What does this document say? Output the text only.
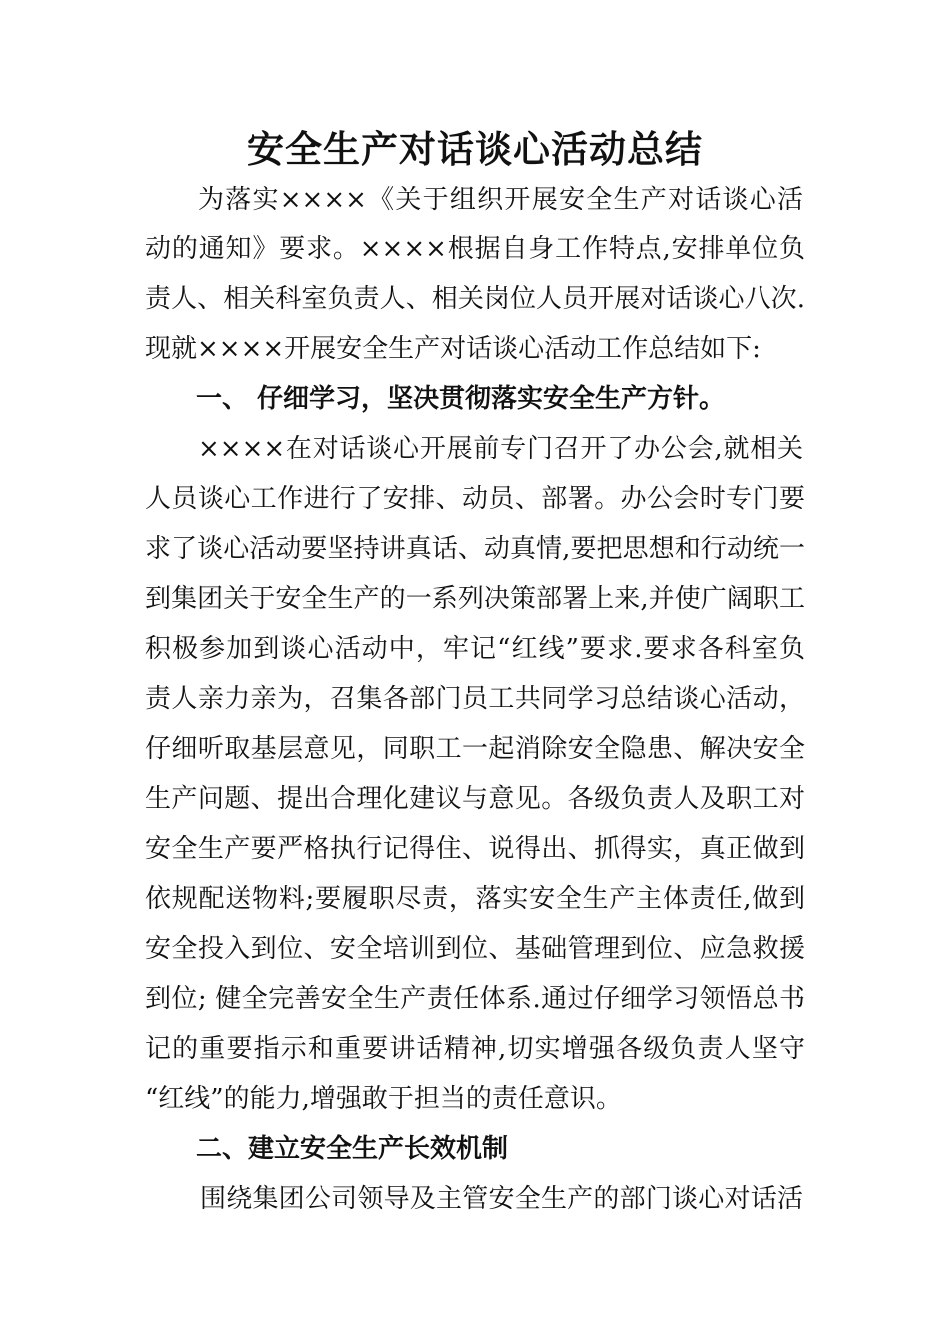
安全生产对话谈心活动总结
为落实××××《关于组织开展安全生产对话谈心活
动的通知》要求。××××根据自身工作特点,安排单位负
责人、相关科室负责人、相关岗位人员开展对话谈心八次.
现就××××开展安全生产对话谈心活动工作总结如下:
一、 仔细学习，坚决贯彻落实安全生产方针。
××××在对话谈心开展前专门召开了办公会,就相关
人员谈心工作进行了安排、动员、部署。办公会时专门要
求了谈心活动要坚持讲真话、动真情,要把思想和行动统一
到集团关于安全生产的一系列决策部署上来,并使广阔职工
积极参加到谈心活动中，牢记“红线”要求.要求各科室负
责人亲力亲为，召集各部门员工共同学习总结谈心活动，
仔细听取基层意见，同职工一起消除安全隐患、解决安全
生产问题、提出合理化建议与意见。各级负责人及职工对
安全生产要严格执行记得住、说得出、抓得实，真正做到
依规配送物料;要履职尽责，落实安全生产主体责任,做到
安全投入到位、安全培训到位、基础管理到位、应急救援
到位; 健全完善安全生产责任体系.通过仔细学习领悟总书
记的重要指示和重要讲话精神,切实增强各级负责人坚守
“红线”的能力,增强敢于担当的责任意识。
二、建立安全生产长效机制
围绕集团公司领导及主管安全生产的部门谈心对话活
